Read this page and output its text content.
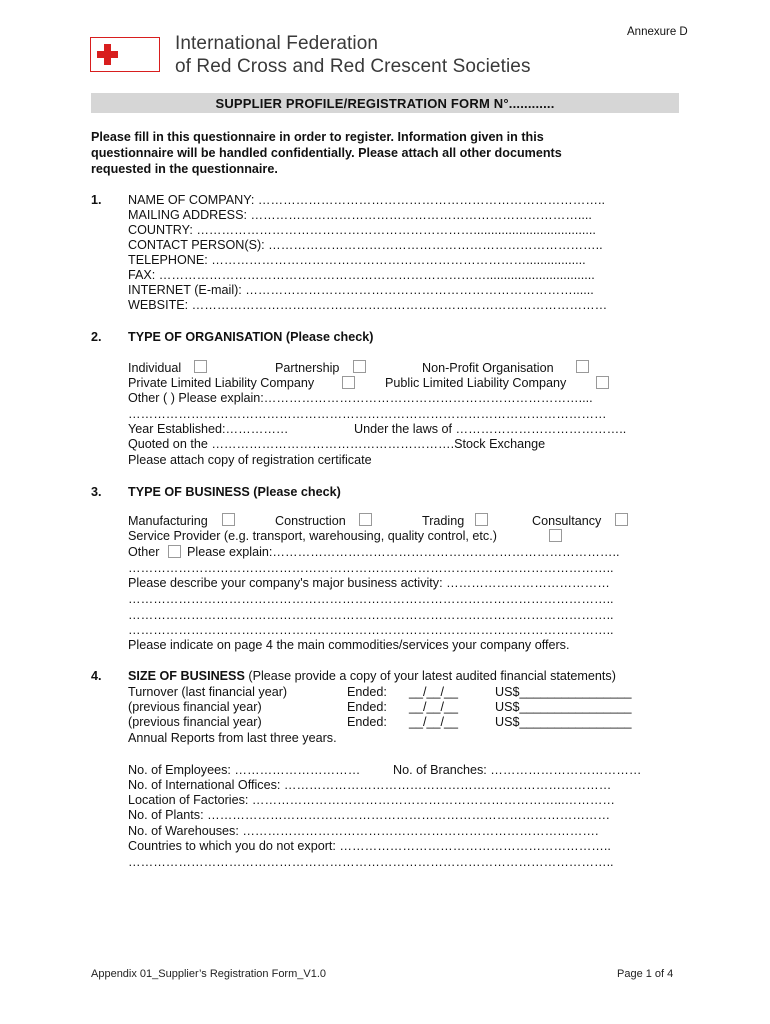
Annexure D
International Federation
of Red Cross and Red Crescent Societies
SUPPLIER PROFILE/REGISTRATION FORM N°............
Please fill in this questionnaire in order to register. Information given in this
questionnaire will be handled confidentially. Please attach all other documents
requested in the questionnaire.
1. NAME OF COMPANY: ………………………………………………………………………..
MAILING ADDRESS: ……………………………………………………………………....
COUNTRY: …………………………………………………………...................................
CONTACT PERSON(S): ……………………………………………………………………..
TELEPHONE: ………………………………………………………………….................
FAX: ……………………………………………………………………...............................
INTERNET (E-mail): ……………………………………………………………………......
WEBSITE: ………………………………………………………………………………………
2. TYPE OF ORGANISATION (Please check)
Individual	Partnership	Non-Profit Organisation
Private Limited Liability Company	Public Limited Liability Company
Other ( ) Please explain:…………………………………………………………………....
……………………………………………………………………………………………………
Year Established:……………	Under the laws of …………………………………..
Quoted on the ………………………………………………….Stock Exchange
Please attach copy of registration certificate
3. TYPE OF BUSINESS (Please check)
Manufacturing	Construction	Trading	Consultancy
Service Provider (e.g. transport, warehousing, quality control, etc.)
Other Please explain:………………………………………………………………………..
……………………………………………………………………………………………………..
Please describe your company's major business activity: …………………………………
……………………………………………………………………………………………………..
……………………………………………………………………………………………………..
……………………………………………………………………………………………………..
Please indicate on page 4 the main commodities/services your company offers.
4. SIZE OF BUSINESS (Please provide a copy of your latest audited financial statements)
Turnover (last financial year)	Ended: __/__/__	US$________________
(previous financial year)	Ended: __/__/__	US$________________
(previous financial year)	Ended: __/__/__	US$________________
Annual Reports from last three years.
No. of Employees: …………………………	No. of Branches: ………………………………
No. of International Offices: ……………………………………………………………………
Location of Factories: ………………………………………………………………...…………
No. of Plants: ……………………………………………………………………………………
No. of Warehouses: ………………………………………………………………………….
Countries to which you do not export: ………………………………………………………..
……………………………………………………………………………………………………..
Appendix 01_Supplier’s Registration Form_V1.0	Page 1 of 4
